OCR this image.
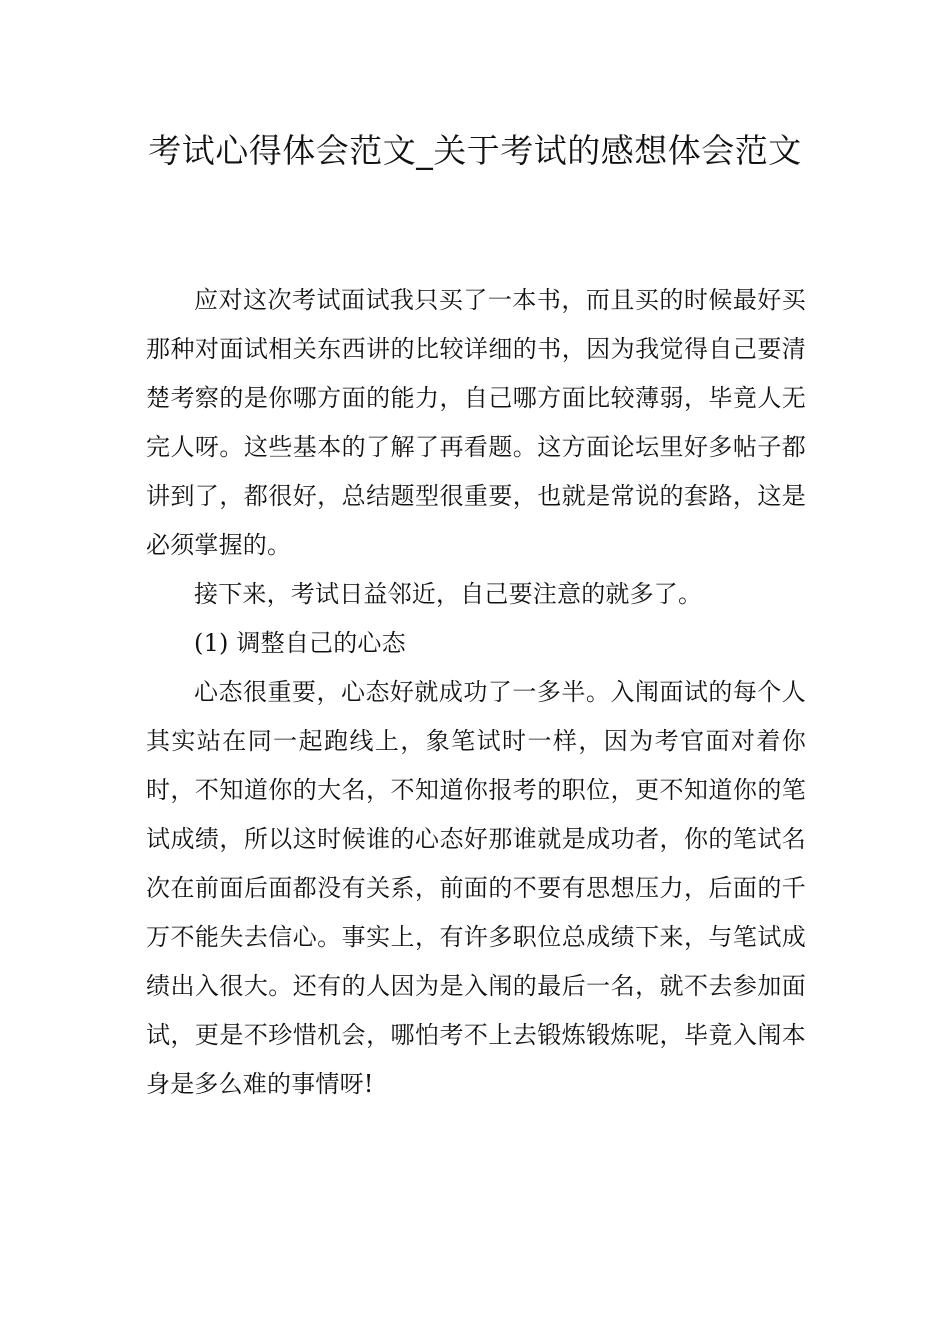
考试心得体会范文_关于考试的感想体会范文

应对这次考试面试我只买了一本书，而且买的时候最好买那种对面试相关东西讲的比较详细的书，因为我觉得自己要清楚考察的是你哪方面的能力，自己哪方面比较薄弱，毕竟人无完人呀。这些基本的了解了再看题。这方面论坛里好多帖子都讲到了，都很好，总结题型很重要，也就是常说的套路，这是必须掌握的。

接下来，考试日益邻近，自己要注意的就多了。

(1) 调整自己的心态

心态很重要，心态好就成功了一多半。入闱面试的每个人其实站在同一起跑线上，象笔试时一样，因为考官面对着你时，不知道你的大名，不知道你报考的职位，更不知道你的笔试成绩，所以这时候谁的心态好那谁就是成功者，你的笔试名次在前面后面都没有关系，前面的不要有思想压力，后面的千万不能失去信心。事实上，有许多职位总成绩下来，与笔试成绩出入很大。还有的人因为是入闱的最后一名，就不去参加面试，更是不珍惜机会，哪怕考不上去锻炼锻炼呢，毕竟入闱本身是多么难的事情呀!
